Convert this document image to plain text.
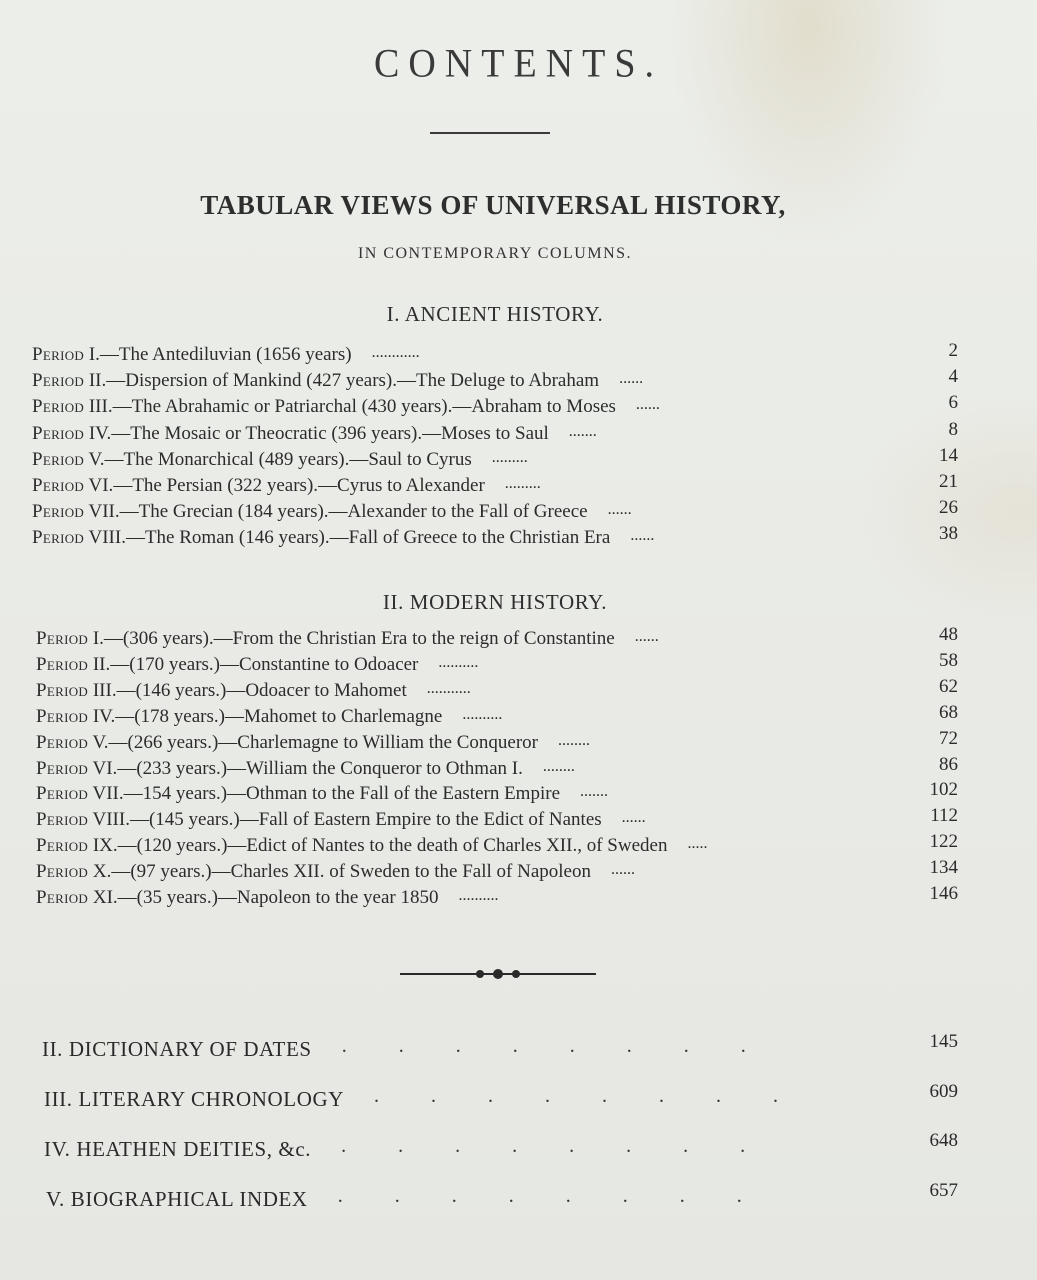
CONTENTS.
TABULAR VIEWS OF UNIVERSAL HISTORY,
IN CONTEMPORARY COLUMNS.
I. ANCIENT HISTORY.
Period I.—The Antediluvian (1656 years) ............	2
Period II.—Dispersion of Mankind (427 years).—The Deluge to Abraham ......	4
Period III.—The Abrahamic or Patriarchal (430 years).—Abraham to Moses ......	6
Period IV.—The Mosaic or Theocratic (396 years).—Moses to Saul .......	8
Period V.—The Monarchical (489 years).—Saul to Cyrus .........	14
Period VI.—The Persian (322 years).—Cyrus to Alexander .........	21
Period VII.—The Grecian (184 years).—Alexander to the Fall of Greece ......	26
Period VIII.—The Roman (146 years).—Fall of Greece to the Christian Era ......	38
II. MODERN HISTORY.
Period I.—(306 years).—From the Christian Era to the reign of Constantine ......	48
Period II.—(170 years.)—Constantine to Odoacer ..........	58
Period III.—(146 years.)—Odoacer to Mahomet ...........	62
Period IV.—(178 years.)—Mahomet to Charlemagne ..........	68
Period V.—(266 years.)—Charlemagne to William the Conqueror ........	72
Period VI.—(233 years.)—William the Conqueror to Othman I. ........	86
Period VII.—154 years.)—Othman to the Fall of the Eastern Empire .......	102
Period VIII.—(145 years.)—Fall of Eastern Empire to the Edict of Nantes ......	112
Period IX.—(120 years.)—Edict of Nantes to the death of Charles XII., of Sweden .....	122
Period X.—(97 years.)—Charles XII. of Sweden to the Fall of Napoleon ......	134
Period XI.—(35 years.)—Napoleon to the year 1850 ..........	146
II. DICTIONARY OF DATES ........	145
III. LITERARY CHRONOLOGY ........	609
IV. HEATHEN DEITIES, &c. ........	648
V. BIOGRAPHICAL INDEX ........	657
